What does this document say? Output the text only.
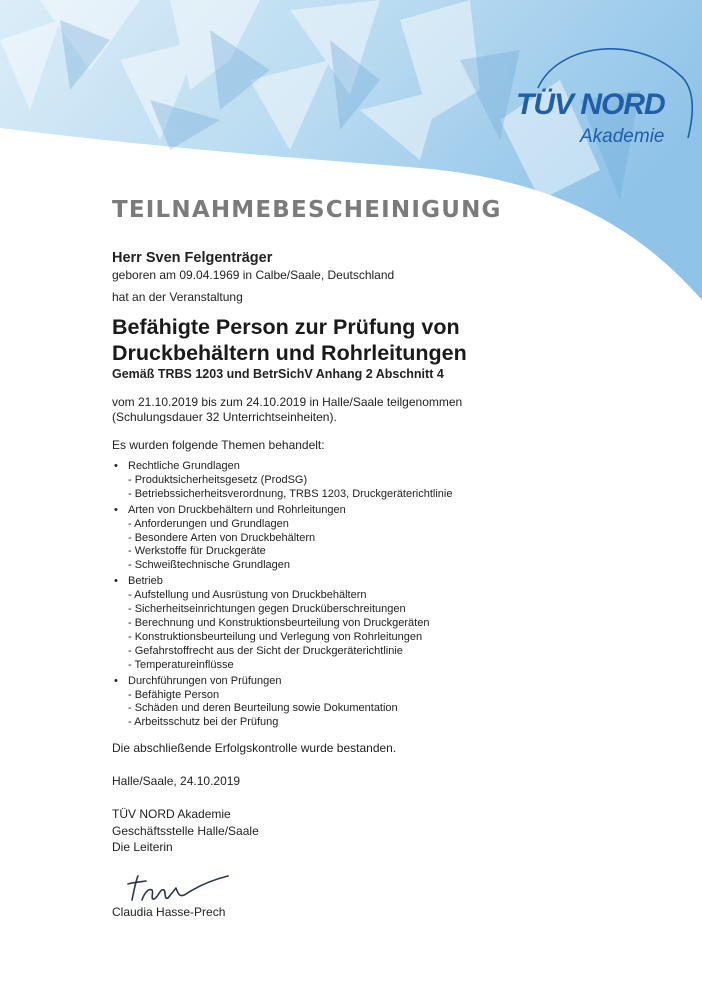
TÜV NORD
Akademie
TEILNAHMEBESCHEINIGUNG
Herr Sven Felgenträger
geboren am 09.04.1969 in Calbe/Saale, Deutschland
hat an der Veranstaltung
Befähigte Person zur Prüfung von
Druckbehältern und Rohrleitungen
Gemäß TRBS 1203 und BetrSichV Anhang 2 Abschnitt 4
vom 21.10.2019 bis zum 24.10.2019 in Halle/Saale teilgenommen
(Schulungsdauer 32 Unterrichtseinheiten).
Es wurden folgende Themen behandelt:
• Rechtliche Grundlagen
- Produktsicherheitsgesetz (ProdSG)
- Betriebssicherheitsverordnung, TRBS 1203, Druckgeräterichtlinie
• Arten von Druckbehältern und Rohrleitungen
- Anforderungen und Grundlagen
- Besondere Arten von Druckbehältern
- Werkstoffe für Druckgeräte
- Schweißtechnische Grundlagen
• Betrieb
- Aufstellung und Ausrüstung von Druckbehältern
- Sicherheitseinrichtungen gegen Drucküberschreitungen
- Berechnung und Konstruktionsbeurteilung von Druckgeräten
- Konstruktionsbeurteilung und Verlegung von Rohrleitungen
- Gefahrstoffrecht aus der Sicht der Druckgeräterichtlinie
- Temperatureinflüsse
• Durchführungen von Prüfungen
- Befähigte Person
- Schäden und deren Beurteilung sowie Dokumentation
- Arbeitsschutz bei der Prüfung
Die abschließende Erfolgskontrolle wurde bestanden.
Halle/Saale, 24.10.2019
TÜV NORD Akademie
Geschäftsstelle Halle/Saale
Die Leiterin
Claudia Hasse-Prech
